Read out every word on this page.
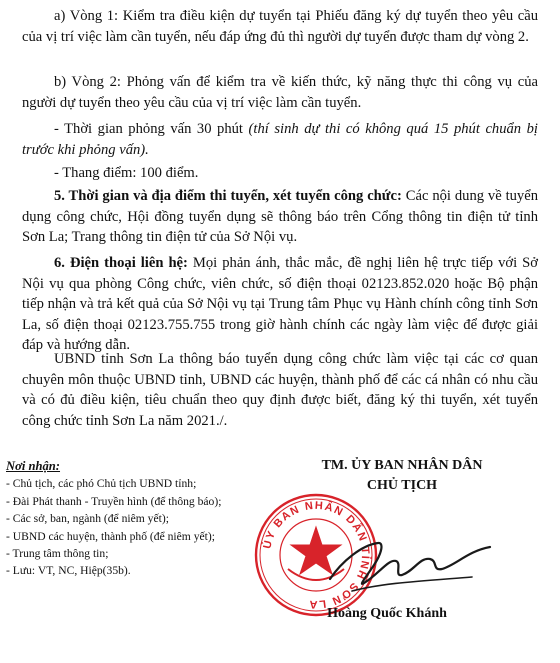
a) Vòng 1: Kiểm tra điều kiện dự tuyển tại Phiếu đăng ký dự tuyển theo yêu cầu của vị trí việc làm cần tuyển, nếu đáp ứng đủ thì người dự tuyển được tham dự vòng 2.

b) Vòng 2: Phỏng vấn để kiểm tra về kiến thức, kỹ năng thực thi công vụ của người dự tuyển theo yêu cầu của vị trí việc làm cần tuyển.

- Thời gian phỏng vấn 30 phút (thí sinh dự thi có không quá 15 phút chuẩn bị trước khi phỏng vấn).

- Thang điểm: 100 điểm.

5. Thời gian và địa điểm thi tuyển, xét tuyển công chức: Các nội dung về tuyển dụng công chức, Hội đồng tuyển dụng sẽ thông báo trên Cổng thông tin điện tử tỉnh Sơn La; Trang thông tin điện tử của Sở Nội vụ.

6. Điện thoại liên hệ: Mọi phản ánh, thắc mắc, đề nghị liên hệ trực tiếp với Sở Nội vụ qua phòng Công chức, viên chức, số điện thoại 02123.852.020 hoặc Bộ phận tiếp nhận và trả kết quả của Sở Nội vụ tại Trung tâm Phục vụ Hành chính công tỉnh Sơn La, số điện thoại 02123.755.755 trong giờ hành chính các ngày làm việc để được giải đáp và hướng dẫn.

UBND tỉnh Sơn La thông báo tuyển dụng công chức làm việc tại các cơ quan chuyên môn thuộc UBND tỉnh, UBND các huyện, thành phố để các cá nhân có nhu cầu và có đủ điều kiện, tiêu chuẩn theo quy định được biết, đăng ký thi tuyển, xét tuyển công chức tỉnh Sơn La năm 2021./.

Nơi nhận:
- Chủ tịch, các phó Chủ tịch UBND tỉnh;
- Đài Phát thanh - Truyền hình (để thông báo);
- Các sở, ban, ngành (để niêm yết);
- UBND các huyện, thành phố (để niêm yết);
- Trung tâm thông tin;
- Lưu: VT, NC, Hiệp(35b).
TM. ỦY BAN NHÂN DÂN
CHỦ TỊCH
ỦY BAN NHÂN DÂN TỈNH SƠN LA
Hoàng Quốc Khánh
